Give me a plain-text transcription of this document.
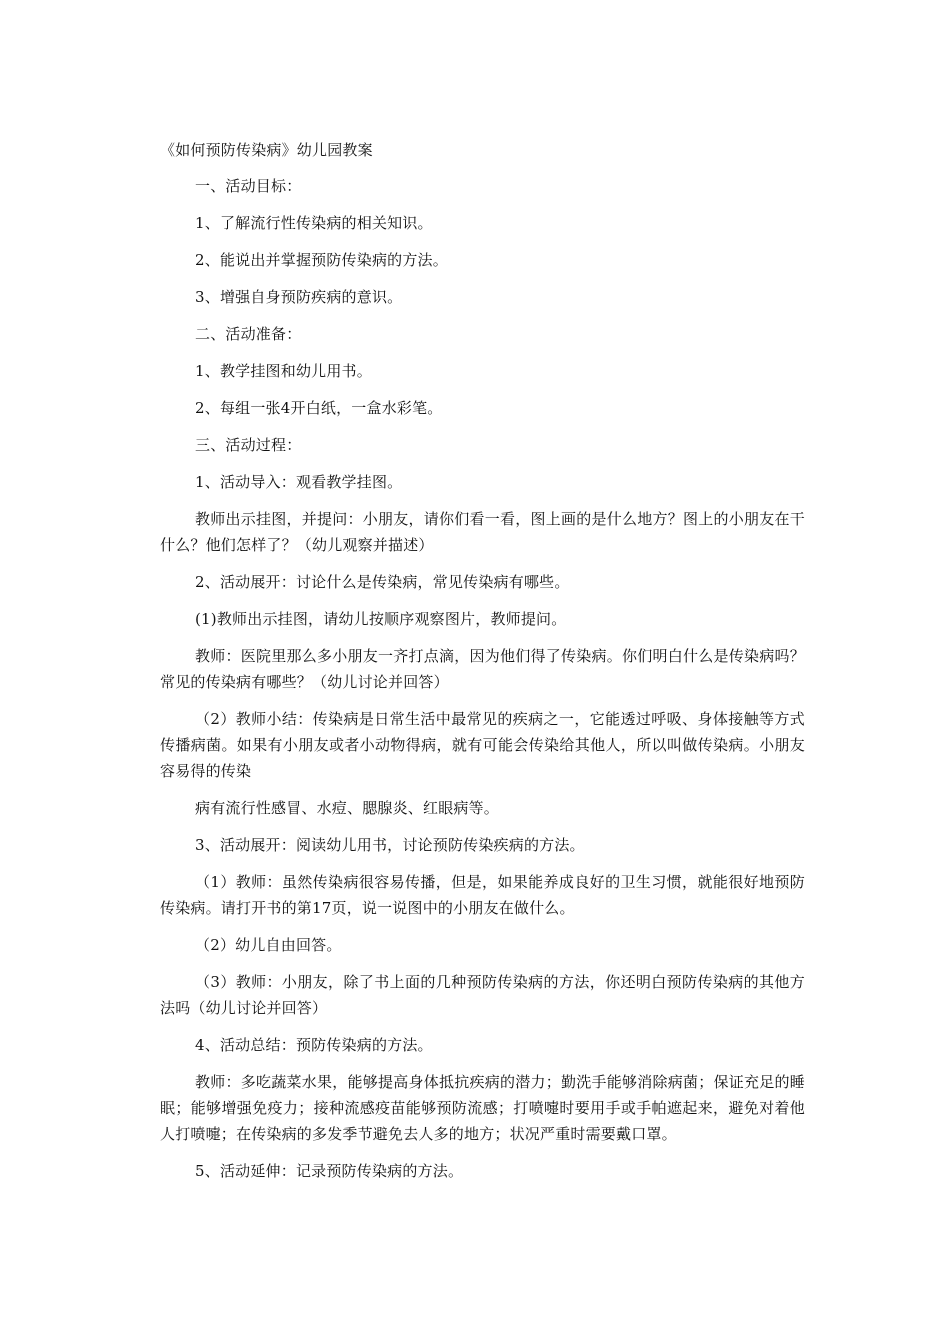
《如何预防传染病》幼儿园教案
一、活动目标：
1、了解流行性传染病的相关知识。
2、能说出并掌握预防传染病的方法。
3、增强自身预防疾病的意识。
二、活动准备：
1、教学挂图和幼儿用书。
2、每组一张4开白纸，一盒水彩笔。
三、活动过程：
1、活动导入：观看教学挂图。
教师出示挂图，并提问：小朋友，请你们看一看，图上画的是什么地方？图上的小朋友在干什么？他们怎样了？（幼儿观察并描述）
2、活动展开：讨论什么是传染病，常见传染病有哪些。
(1)教师出示挂图，请幼儿按顺序观察图片，教师提问。
教师：医院里那么多小朋友一齐打点滴，因为他们得了传染病。你们明白什么是传染病吗？常见的传染病有哪些？（幼儿讨论并回答）
（2）教师小结：传染病是日常生活中最常见的疾病之一，它能透过呼吸、身体接触等方式传播病菌。如果有小朋友或者小动物得病，就有可能会传染给其他人，所以叫做传染病。小朋友容易得的传染
病有流行性感冒、水痘、腮腺炎、红眼病等。
3、活动展开：阅读幼儿用书，讨论预防传染疾病的方法。
（1）教师：虽然传染病很容易传播，但是，如果能养成良好的卫生习惯，就能很好地预防传染病。请打开书的第17页，说一说图中的小朋友在做什么。
（2）幼儿自由回答。
（3）教师：小朋友，除了书上面的几种预防传染病的方法，你还明白预防传染病的其他方法吗（幼儿讨论并回答）
4、活动总结：预防传染病的方法。
教师：多吃蔬菜水果，能够提高身体抵抗疾病的潜力；勤洗手能够消除病菌；保证充足的睡眠；能够增强免疫力；接种流感疫苗能够预防流感；打喷嚏时要用手或手帕遮起来，避免对着他人打喷嚏；在传染病的多发季节避免去人多的地方；状况严重时需要戴口罩。
5、活动延伸：记录预防传染病的方法。
